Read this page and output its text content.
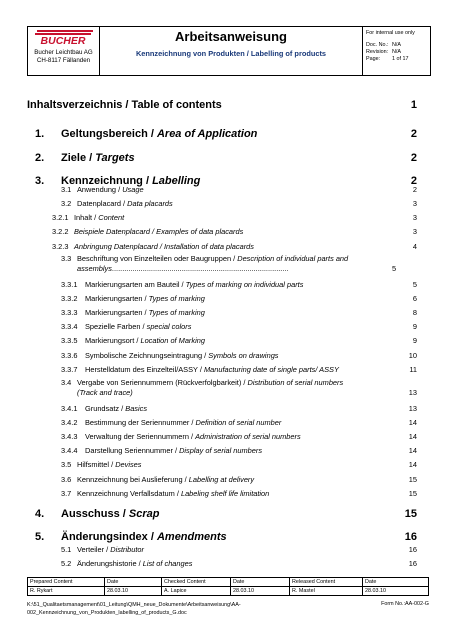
BUCHER
Bucher Leichtbau AG
CH-8117 Fällanden
Arbeitsanweisung
Kennzeichnung von Produkten / Labelling of products
For internal use only
Doc. No.: N/A
Revision: N/A
Page:	1 of 17
Inhaltsverzeichnis / Table of contents	1
1. Geltungsbereich / Area of Application	2
2. Ziele / Targets	2
3. Kennzeichnung / Labelling	2
3.1 Anwendung / Usage	2
3.2 Datenplacard / Data placards	3
3.2.1 Inhalt / Content	3
3.2.2 Beispiele Datenplacard / Examples of data placards	3
3.2.3 Anbringung Datenplacard / Installation of data placards	4
3.3 Beschriftung von Einzelteilen oder Baugruppen / Description of individual parts and
assemblys......................................................................................	5
3.3.1 Markierungsarten am Bauteil / Types of marking on individual parts	5
3.3.2 Markierungsarten / Types of marking	6
3.3.3 Markierungsarten / Types of marking	8
3.3.4 Spezielle Farben / special colors	9
3.3.5 Markierungsort / Location of Marking	9
3.3.6 Symbolische Zeichnungseintragung / Symbols on drawings	10
3.3.7 Herstelldatum des Einzelteil/ASSY / Manufacturing date of single parts/ ASSY	11
3.4 Vergabe von Seriennummern (Rückverfolgbarkeit) / Distribution of serial numbers
(Track and trace)	13
3.4.1 Grundsatz / Basics	13
3.4.2 Bestimmung der Seriennummer / Definition of serial number	14
3.4.3 Verwaltung der Seriennummern / Administration of serial numbers	14
3.4.4 Darstellung Seriennummer / Display of serial numbers	14
3.5 Hilfsmittel / Devises	14
3.6 Kennzeichnung bei Auslieferung / Labelling at delivery	15
3.7 Kennzeichnung Verfallsdatum / Labeling shelf life limitation	15
4. Ausschuss / Scrap	15
5. Änderungsindex / Amendments	16
5.1 Verteiler / Distributor	16
5.2 Änderungshistorie / List of changes	16
Prepared Content	Date	Checked Content	Date	Released Content	Date
R. Rykart	28.03.10	A. Lapice	28.03.10	R. Mastel	28.03.10
K:\51_Qualitaetsmanagement\01_Leitung\QMH_neue_Dokumente\Arbeitsanweisung\AA-
002_Kennzeichnung_von_Produkten_labelling_of_products_G.doc
Form No.:AA-002-G
